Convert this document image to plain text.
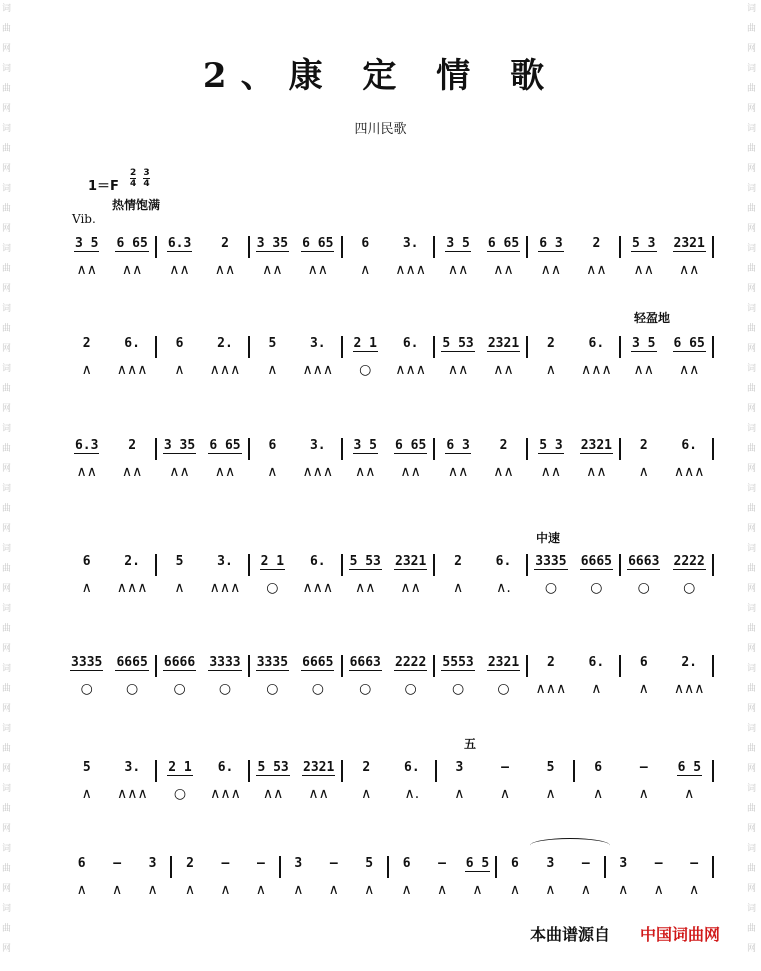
词
曲
网
词
曲
网
词
曲
网
词
曲
网
词
曲
网
词
曲
网
词
曲
网
词
曲
网
词
曲
网
词
曲
网
词
曲
网
词
曲
网
词
曲
网
词
曲
网
词
曲
网
词
曲
网
词
曲
网
词
曲
网
词
曲
网
词
曲
网
词
曲
网
词
曲
网
词
曲
网
词
曲
网
词
曲
网
词
曲
网
词
曲
网
词
曲
网
词
曲
网
词
曲
网
词
曲
网
词
曲
网
2、康 定 情 歌
四川民歌
$1=F \frac{2}{4}$
$\frac{3}{4}$
热情饱满
Vib.
轻盈地
中速
五
3 5	6 65	6.3	2	3 35	6 65	6	3.	3 5	6 65	6 3	2	5 3	2321
∧∧	∧∧	∧∧	∧∧	∧∧	∧∧	∧	∧∧∧	∧∧	∧∧	∧∧	∧∧	∧∧	∧∧
2	6.	6	2.	5	3.	2 1	6.	5 53	2321	2	6.	3 5	6 65
∧	∧∧∧	∧	∧∧∧	∧	∧∧∧	○	∧∧∧	∧∧	∧∧	∧	∧∧∧	∧∧	∧∧
6.3	2	3 35	6 65	6	3.	3 5	6 65	6 3	2	5 3	2321	2	6.
∧∧	∧∧	∧∧	∧∧	∧	∧∧∧	∧∧	∧∧	∧∧	∧∧	∧∧	∧∧	∧	∧∧∧
6	2.	5	3.	2 1	6.	5 53	2321	2	6.	3335	6665	6663	2222
∧	∧∧∧	∧	∧∧∧	○	∧∧∧	∧∧	∧∧	∧	∧.	○	○	○	○
3335	6665	6666	3333	3335	6665	6663	2222	5553	2321	2	6.	6	2.
○	○	○	○	○	○	○	○	○	○	∧∧∧	∧	∧	∧∧∧
5	3.	2 1	6.	5 53	2321	2	6.	3	–	5	6	–	6 5
∧	∧∧∧	○	∧∧∧	∧∧	∧∧	∧	∧.	∧	∧	∧	∧	∧	∧
6	–	3	2	–	–	3	–	5	6	–	6 5	6	3	–	3	–	–
∧	∧	∧	∧	∧	∧	∧	∧	∧	∧	∧	∧	∧	∧	∧	∧	∧	∧
本曲谱源自 中国词曲网
